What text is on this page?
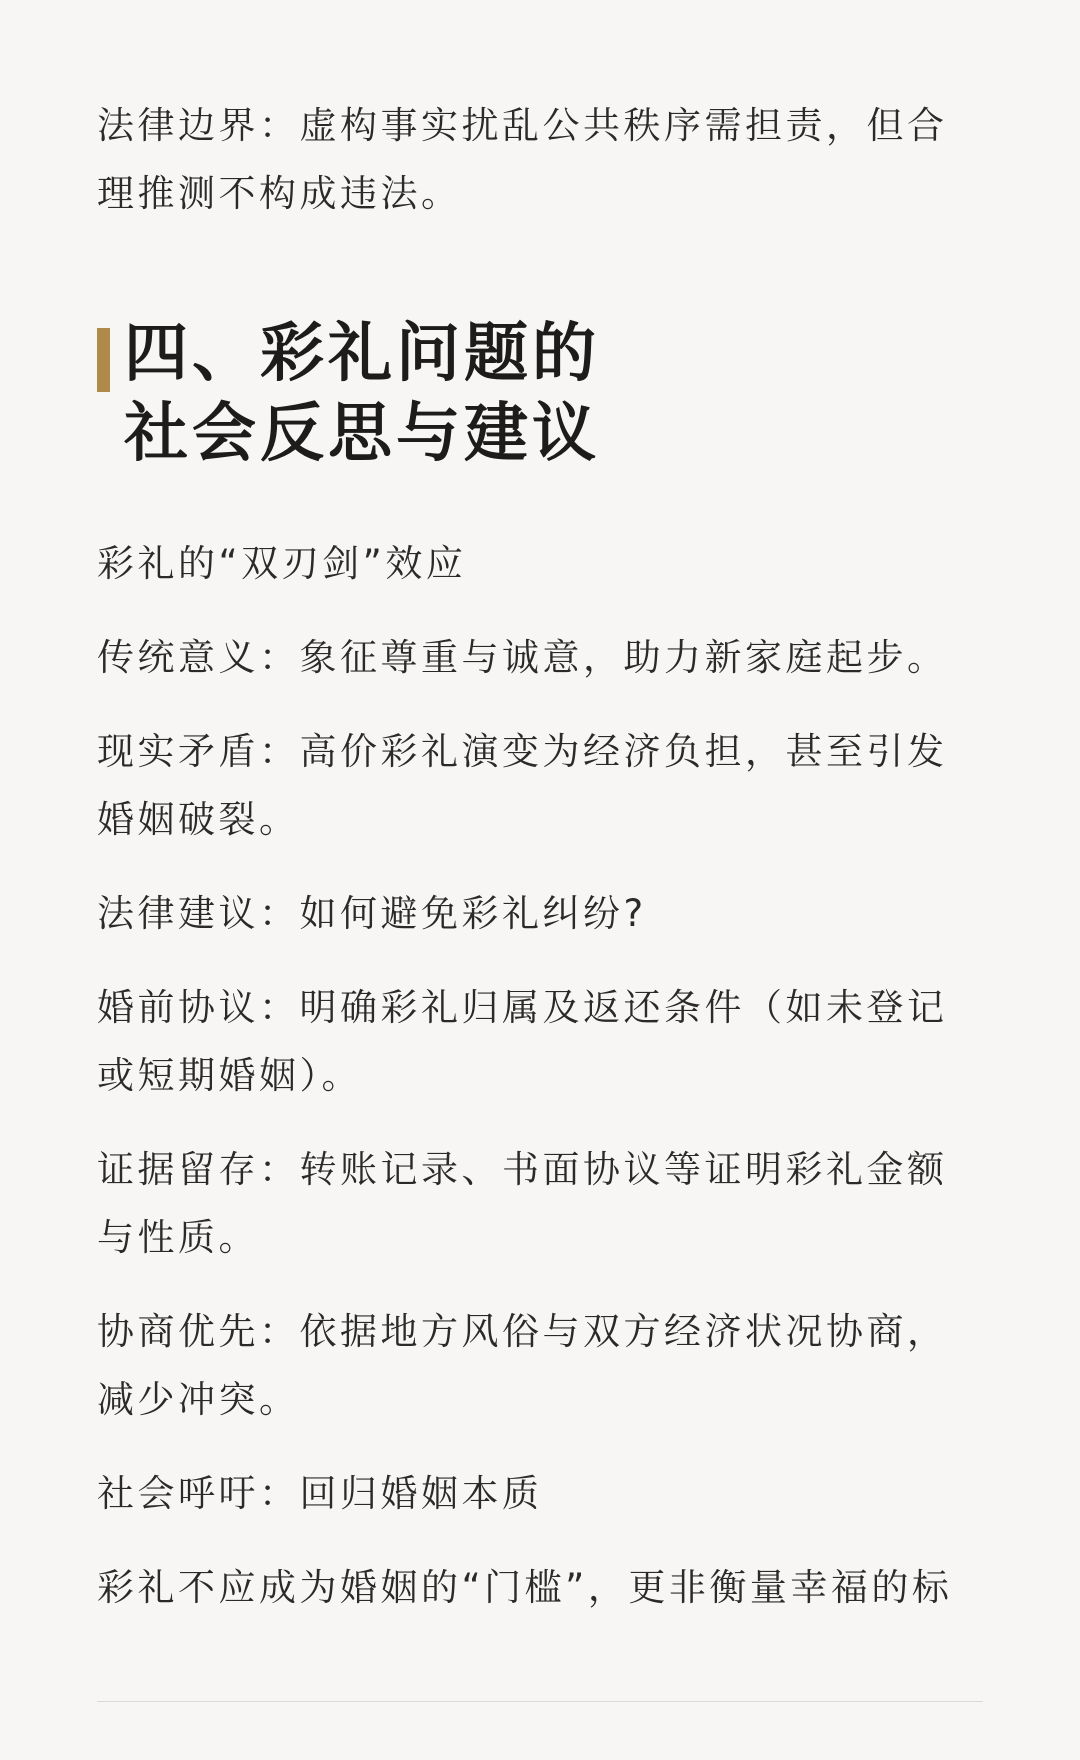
法律边界：虚构事实扰乱公共秩序需担责，但合理推测不构成违法。

四、彩礼问题的
社会反思与建议

彩礼的“双刃剑”效应

传统意义：象征尊重与诚意，助力新家庭起步。

现实矛盾：高价彩礼演变为经济负担，甚至引发婚姻破裂。

法律建议：如何避免彩礼纠纷?

婚前协议：明确彩礼归属及返还条件（如未登记或短期婚姻）。

证据留存：转账记录、书面协议等证明彩礼金额与性质。

协商优先：依据地方风俗与双方经济状况协商，减少冲突。

社会呼吁：回归婚姻本质

彩礼不应成为婚姻的“门槛”，更非衡量幸福的标
